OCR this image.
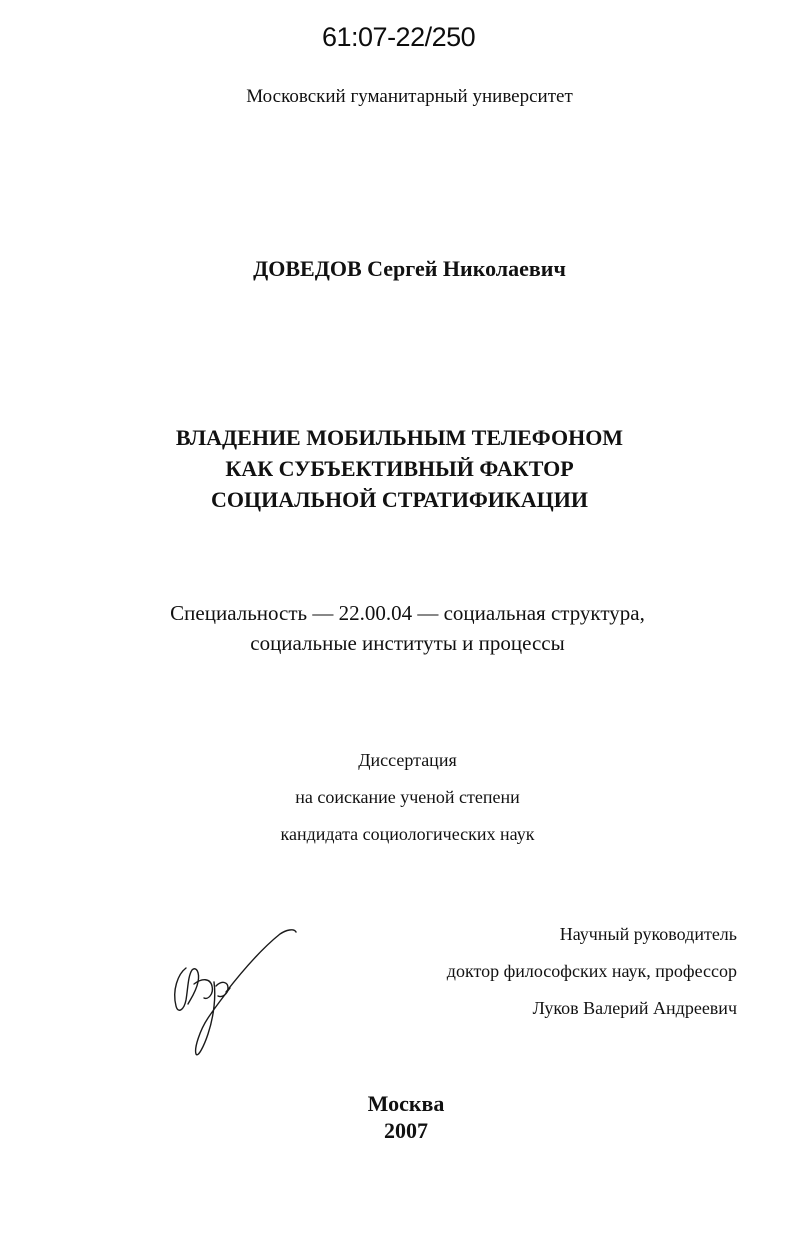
61:07-22/250
Московский гуманитарный университет
ДОВЕДОВ Сергей Николаевич
ВЛАДЕНИЕ МОБИЛЬНЫМ ТЕЛЕФОНОМ
КАК СУБЪЕКТИВНЫЙ ФАКТОР
СОЦИАЛЬНОЙ СТРАТИФИКАЦИИ
Специальность — 22.00.04 — социальная структура,
социальные институты и процессы
Диссертация
на соискание ученой степени
кандидата социологических наук
Научный руководитель
доктор философских наук, профессор
Луков Валерий Андреевич
Москва
2007
